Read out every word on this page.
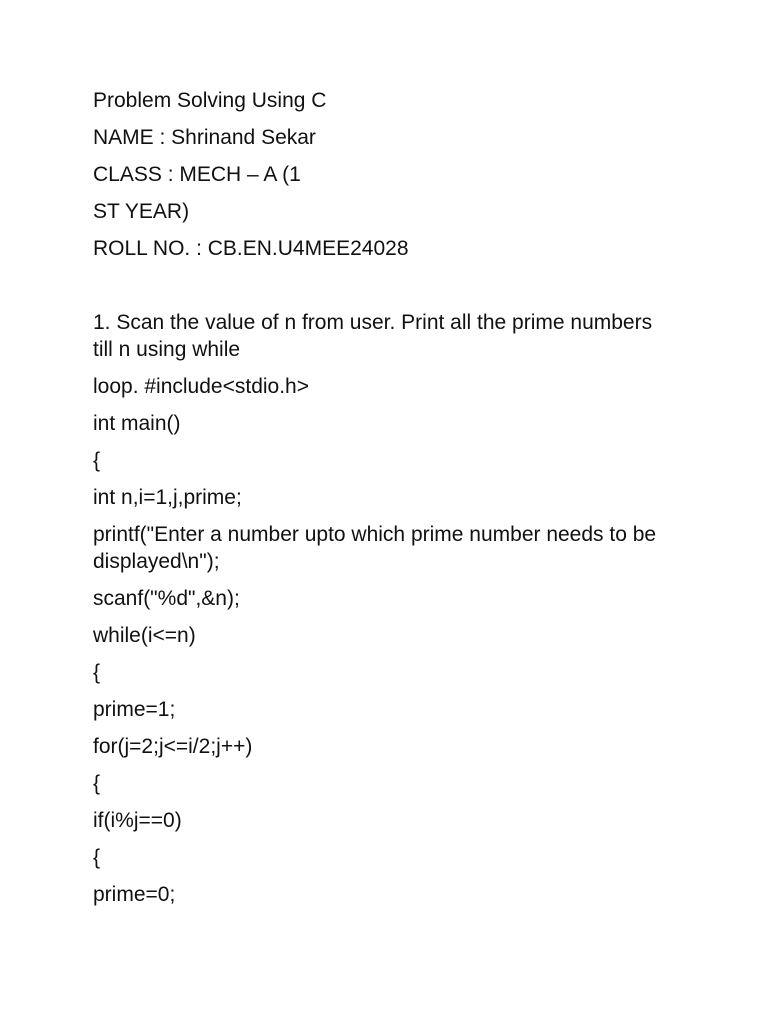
Problem Solving Using C
NAME : Shrinand Sekar
CLASS : MECH – A (1
ST YEAR)
ROLL NO. : CB.EN.U4MEE24028
1. Scan the value of n from user. Print all the prime numbers till n using while
loop. #include<stdio.h>
int main()
{
int n,i=1,j,prime;
printf("Enter a number upto which prime number needs to be displayed\n");
scanf("%d",&n);
while(i<=n)
{
prime=1;
for(j=2;j<=i/2;j++)
{
if(i%j==0)
{
prime=0;
